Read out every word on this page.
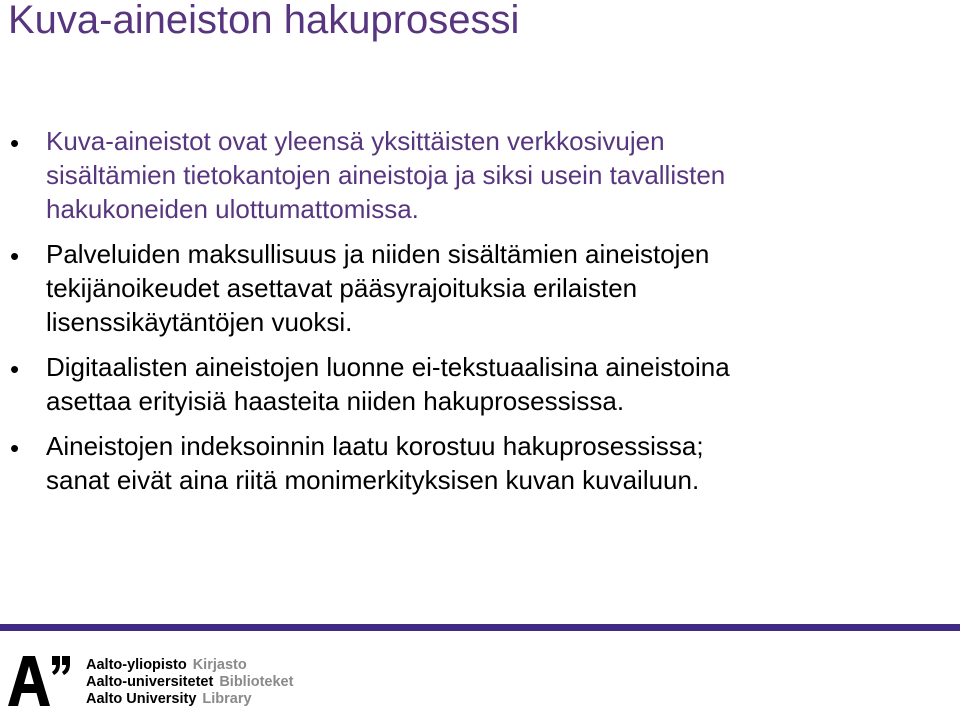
Kuva-aineiston hakuprosessi
• Kuva-aineistot ovat yleensä yksittäisten verkkosivujen
sisältämien tietokantojen aineistoja ja siksi usein tavallisten
hakukoneiden ulottumattomissa.
• Palveluiden maksullisuus ja niiden sisältämien aineistojen
tekijänoikeudet asettavat pääsyrajoituksia erilaisten
lisenssikäytäntöjen vuoksi.
• Digitaalisten aineistojen luonne ei-tekstuaalisina aineistoina
asettaa erityisiä haasteita niiden hakuprosessissa.
• Aineistojen indeksoinnin laatu korostuu hakuprosessissa;
sanat eivät aina riitä monimerkityksisen kuvan kuvailuun.
Aalto-yliopisto Kirjasto
Aalto-universitetet Biblioteket
Aalto University Library
